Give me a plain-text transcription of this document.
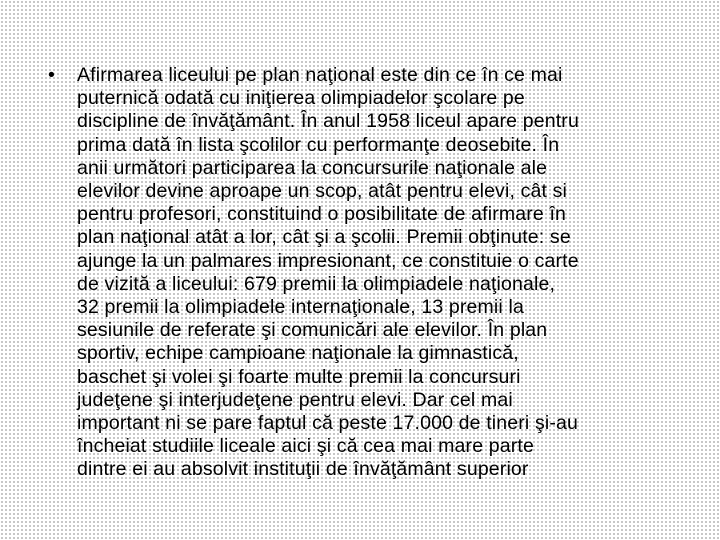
• Afirmarea liceului pe plan naţional este din ce în ce mai
puternică odată cu iniţierea olimpiadelor şcolare pe
discipline de învăţământ. În anul 1958 liceul apare pentru
prima dată în lista şcolilor cu performanţe deosebite. În
anii următori participarea la concursurile naţionale ale
elevilor devine aproape un scop, atât pentru elevi, cât si
pentru profesori, constituind o posibilitate de afirmare în
plan naţional atât a lor, cât şi a şcolii. Premii obţinute: se
ajunge la un palmares impresionant, ce constituie o carte
de vizită a liceului: 679 premii la olimpiadele naţionale,
32 premii la olimpiadele internaţionale, 13 premii la
sesiunile de referate şi comunicări ale elevilor. În plan
sportiv, echipe campioane naţionale la gimnastică,
baschet şi volei şi foarte multe premii la concursuri
judeţene şi interjudeţene pentru elevi. Dar cel mai
important ni se pare faptul că peste 17.000 de tineri şi-au
încheiat studiile liceale aici şi că cea mai mare parte
dintre ei au absolvit instituţii de învăţământ superior
